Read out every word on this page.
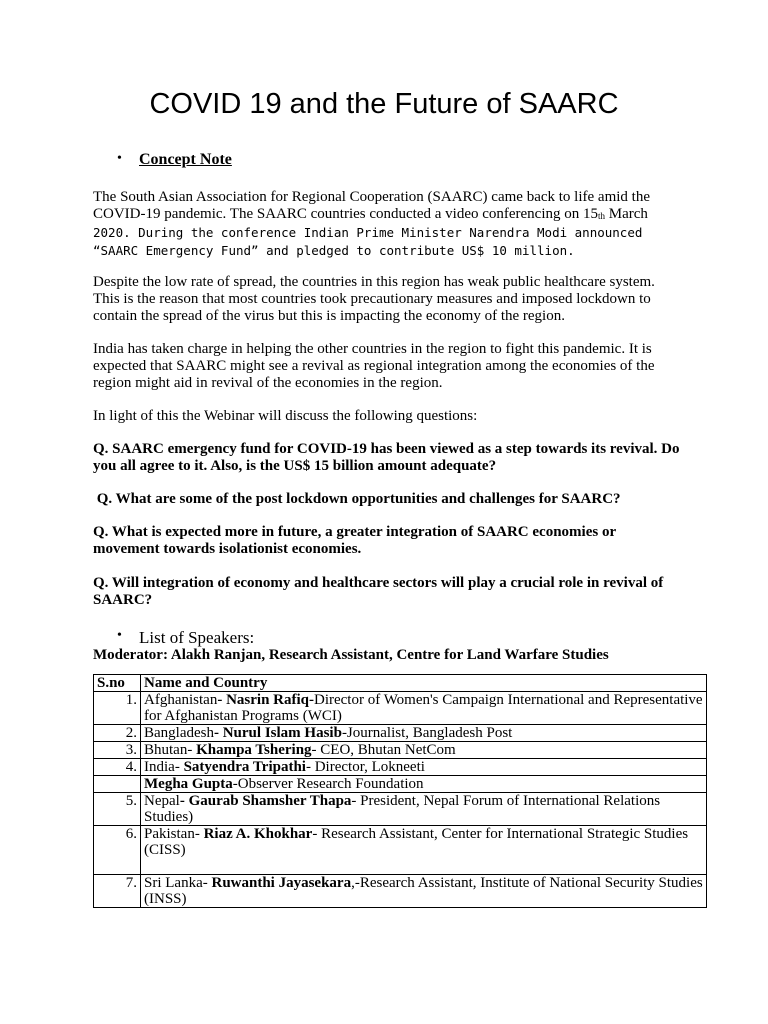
COVID 19 and the Future of SAARC
• Concept Note

The South Asian Association for Regional Cooperation (SAARC) came back to life amid the COVID-19 pandemic. The SAARC countries conducted a video conferencing on 15th March
2020. During the conference Indian Prime Minister Narendra Modi announced “SAARC Emergency Fund” and pledged to contribute US$ 10 million.

Despite the low rate of spread, the countries in this region has weak public healthcare system. This is the reason that most countries took precautionary measures and imposed lockdown to contain the spread of the virus but this is impacting the economy of the region.

India has taken charge in helping the other countries in the region to fight this pandemic. It is expected that SAARC might see a revival as regional integration among the economies of the region might aid in revival of the economies in the region.

In light of this the Webinar will discuss the following questions:

Q. SAARC emergency fund for COVID-19 has been viewed as a step towards its revival. Do you all agree to it. Also, is the US$ 15 billion amount adequate?

Q. What are some of the post lockdown opportunities and challenges for SAARC?

Q. What is expected more in future, a greater integration of SAARC economies or movement towards isolationist economies.

Q. Will integration of economy and healthcare sectors will play a crucial role in revival of SAARC?

• List of Speakers:
Moderator: Alakh Ranjan, Research Assistant, Centre for Land Warfare Studies
S.no	Name and Country
1.	Afghanistan- Nasrin Rafiq-Director of Women's Campaign International and Representative for Afghanistan Programs (WCI)
2.	Bangladesh- Nurul Islam Hasib-Journalist, Bangladesh Post
3.	Bhutan- Khampa Tshering- CEO, Bhutan NetCom
4.	India- Satyendra Tripathi- Director, Lokneeti
	Megha Gupta-Observer Research Foundation
5.	Nepal- Gaurab Shamsher Thapa- President, Nepal Forum of International Relations Studies)
6.	Pakistan- Riaz A. Khokhar- Research Assistant, Center for International Strategic Studies (CISS)
7.	Sri Lanka- Ruwanthi Jayasekara,-Research Assistant, Institute of National Security Studies (INSS)
